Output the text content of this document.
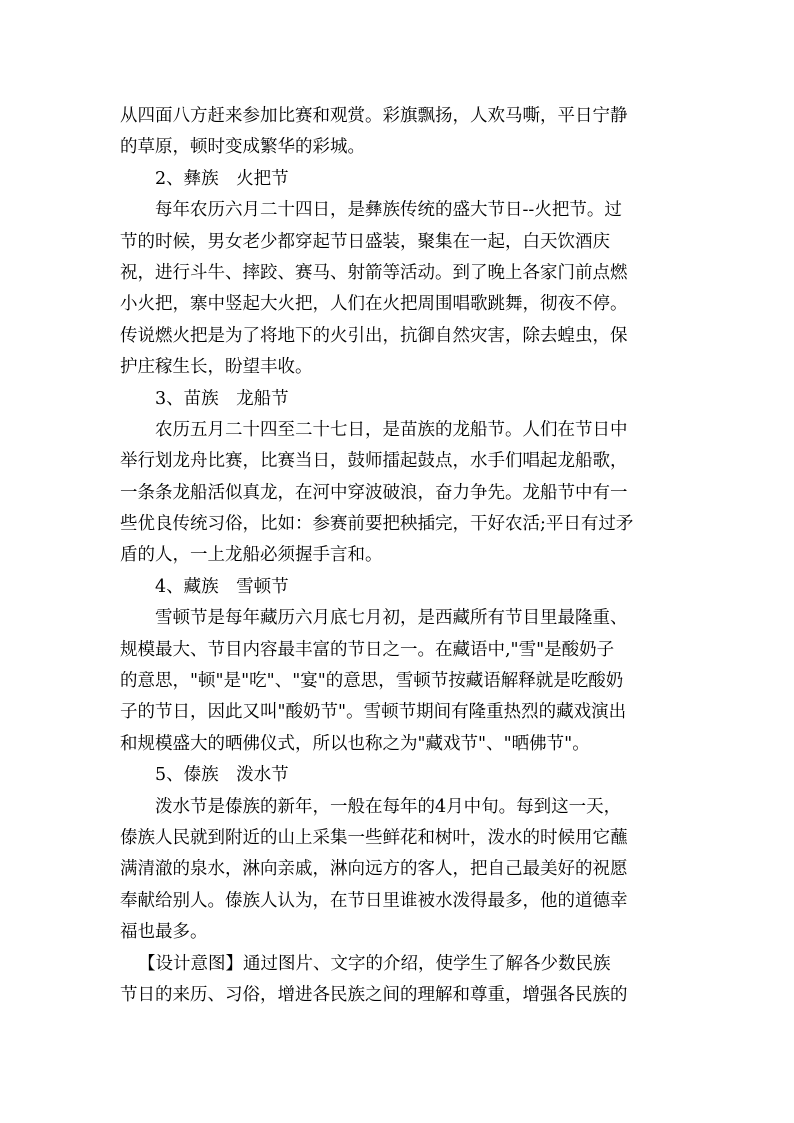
从四面八方赶来参加比赛和观赏。彩旗飘扬，人欢马嘶，平日宁静
的草原，顿时变成繁华的彩城。
2、彝族　火把节
每年农历六月二十四日，是彝族传统的盛大节日--火把节。过
节的时候，男女老少都穿起节日盛装，聚集在一起，白天饮酒庆
祝，进行斗牛、摔跤、赛马、射箭等活动。到了晚上各家门前点燃
小火把，寨中竖起大火把，人们在火把周围唱歌跳舞，彻夜不停。
传说燃火把是为了将地下的火引出，抗御自然灾害，除去蝗虫，保
护庄稼生长，盼望丰收。
3、苗族　龙船节
农历五月二十四至二十七日，是苗族的龙船节。人们在节日中
举行划龙舟比赛，比赛当日，鼓师擂起鼓点，水手们唱起龙船歌，
一条条龙船活似真龙，在河中穿波破浪，奋力争先。龙船节中有一
些优良传统习俗，比如：参赛前要把秧插完，干好农活;平日有过矛
盾的人，一上龙船必须握手言和。
4、藏族　雪顿节
雪顿节是每年藏历六月底七月初，是西藏所有节目里最隆重、
规模最大、节目内容最丰富的节日之一。在藏语中,"雪"是酸奶子
的意思，"顿"是"吃"、"宴"的意思，雪顿节按藏语解释就是吃酸奶
子的节日，因此又叫"酸奶节"。雪顿节期间有隆重热烈的藏戏演出
和规模盛大的晒佛仪式，所以也称之为"藏戏节"、"晒佛节"。
5、傣族　泼水节
泼水节是傣族的新年，一般在每年的4月中旬。每到这一天，
傣族人民就到附近的山上采集一些鲜花和树叶，泼水的时候用它蘸
满清澈的泉水，淋向亲戚，淋向远方的客人，把自己最美好的祝愿
奉献给别人。傣族人认为，在节日里谁被水泼得最多，他的道德幸
福也最多。
【设计意图】通过图片、文字的介绍，使学生了解各少数民族
节日的来历、习俗，增进各民族之间的理解和尊重，增强各民族的
